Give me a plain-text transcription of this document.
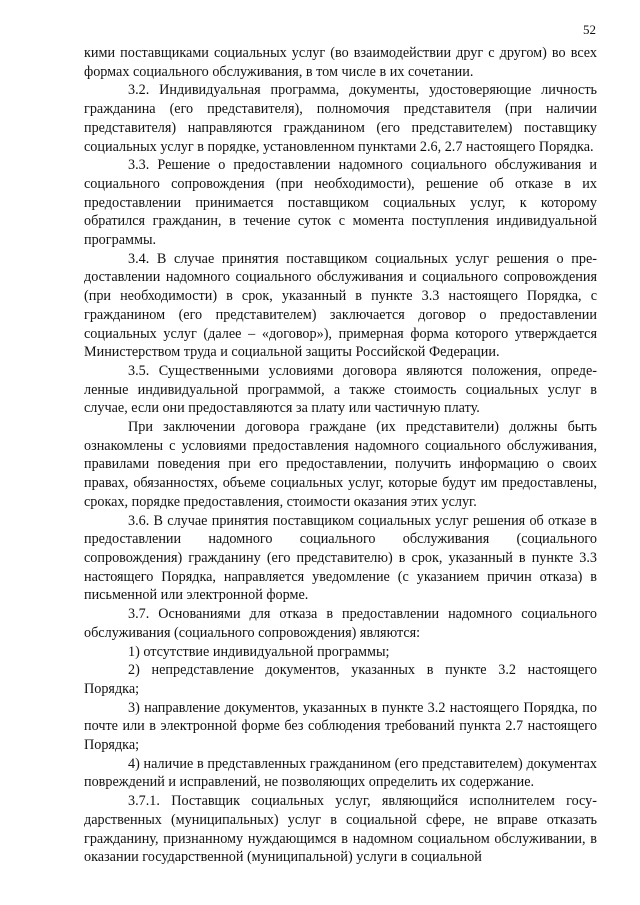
52

кими поставщиками социальных услуг (во взаимодействии друг с другом) во всех формах социального обслуживания, в том числе в их сочетании.

3.2. Индивидуальная программа, документы, удостоверяющие личность гражданина (его представителя), полномочия представителя (при наличии представителя) направляются гражданином (его представителем) поставщику социальных услуг в порядке, установленном пунктами 2.6, 2.7 настоящего Порядка.

3.3. Решение о предоставлении надомного социального обслуживания и социального сопровождения (при необходимости), решение об отказе в их предоставлении принимается поставщиком социальных услуг, к которому обратился гражданин, в течение суток с момента поступления индивидуальной программы.

3.4. В случае принятия поставщиком социальных услуг решения о предоставлении надомного социального обслуживания и социального сопровождения (при необходимости) в срок, указанный в пункте 3.3 настоящего Порядка, с гражданином (его представителем) заключается договор о предоставлении социальных услуг (далее – «договор»), примерная форма которого утверждается Министерством труда и социальной защиты Российской Федерации.

3.5. Существенными условиями договора являются положения, определенные индивидуальной программой, а также стоимость социальных услуг в случае, если они предоставляются за плату или частичную плату.

При заключении договора граждане (их представители) должны быть ознакомлены с условиями предоставления надомного социального обслуживания, правилами поведения при его предоставлении, получить информацию о своих правах, обязанностях, объеме социальных услуг, которые будут им предоставлены, сроках, порядке предоставления, стоимости оказания этих услуг.

3.6. В случае принятия поставщиком социальных услуг решения об отказе в предоставлении надомного социального обслуживания (социального сопровождения) гражданину (его представителю) в срок, указанный в пункте 3.3 настоящего Порядка, направляется уведомление (с указанием причин отказа) в письменной или электронной форме.

3.7. Основаниями для отказа в предоставлении надомного социального обслуживания (социального сопровождения) являются:

1) отсутствие индивидуальной программы;

2) непредставление документов, указанных в пункте 3.2 настоящего Порядка;

3) направление документов, указанных в пункте 3.2 настоящего Порядка, по почте или в электронной форме без соблюдения требований пункта 2.7 настоящего Порядка;

4) наличие в представленных гражданином (его представителем) документах повреждений и исправлений, не позволяющих определить их содержание.

3.7.1. Поставщик социальных услуг, являющийся исполнителем государственных (муниципальных) услуг в социальной сфере, не вправе отказать гражданину, признанному нуждающимся в надомном социальном обслуживании, в оказании государственной (муниципальной) услуги в социальной
